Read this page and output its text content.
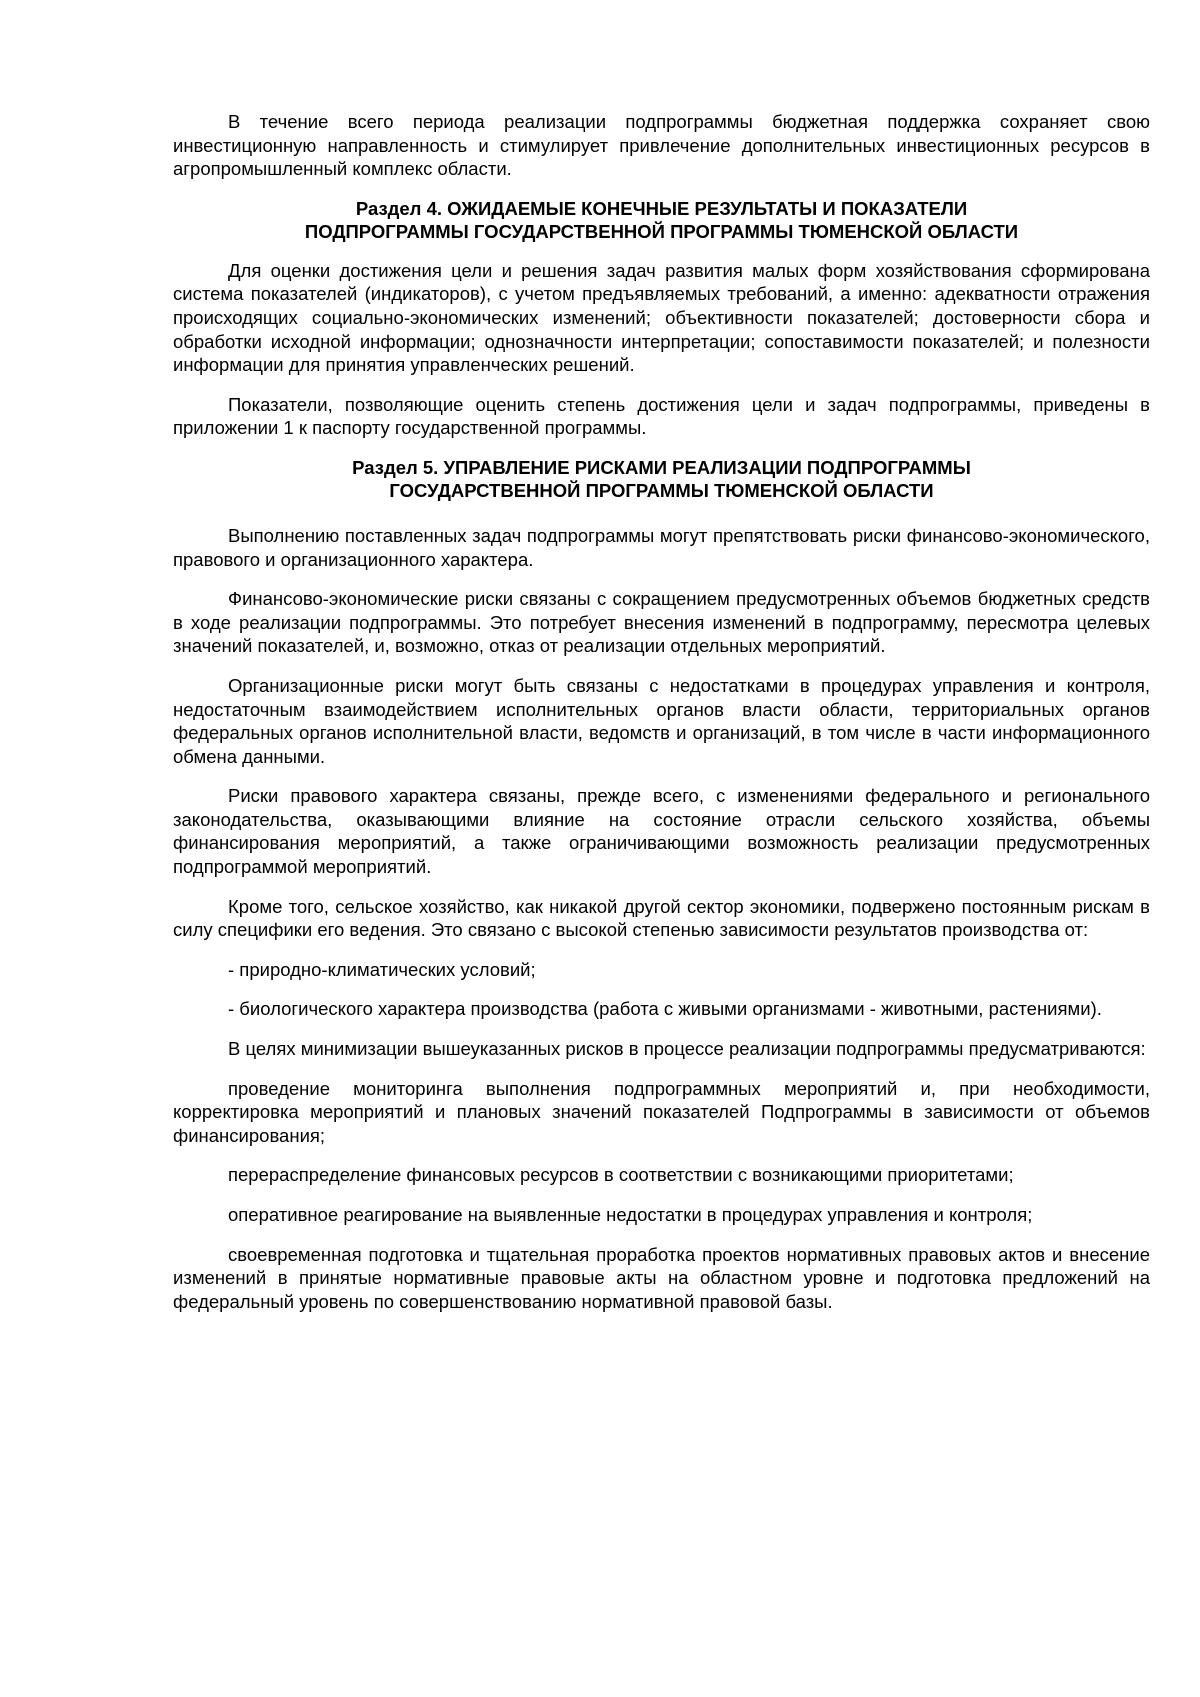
В течение всего периода реализации подпрограммы бюджетная поддержка сохраняет свою инвестиционную направленность и стимулирует привлечение дополнительных инвестиционных ресурсов в агропромышленный комплекс области.

Раздел 4. ОЖИДАЕМЫЕ КОНЕЧНЫЕ РЕЗУЛЬТАТЫ И ПОКАЗАТЕЛИ
ПОДПРОГРАММЫ ГОСУДАРСТВЕННОЙ ПРОГРАММЫ ТЮМЕНСКОЙ ОБЛАСТИ

Для оценки достижения цели и решения задач развития малых форм хозяйствования сформирована система показателей (индикаторов), с учетом предъявляемых требований, а именно: адекватности отражения происходящих социально-экономических изменений; объективности показателей; достоверности сбора и обработки исходной информации; однозначности интерпретации; сопоставимости показателей; и полезности информации для принятия управленческих решений.

Показатели, позволяющие оценить степень достижения цели и задач подпрограммы, приведены в приложении 1 к паспорту государственной программы.

Раздел 5. УПРАВЛЕНИЕ РИСКАМИ РЕАЛИЗАЦИИ ПОДПРОГРАММЫ
ГОСУДАРСТВЕННОЙ ПРОГРАММЫ ТЮМЕНСКОЙ ОБЛАСТИ

Выполнению поставленных задач подпрограммы могут препятствовать риски финансово-экономического, правового и организационного характера.

Финансово-экономические риски связаны с сокращением предусмотренных объемов бюджетных средств в ходе реализации подпрограммы. Это потребует внесения изменений в подпрограмму, пересмотра целевых значений показателей, и, возможно, отказ от реализации отдельных мероприятий.

Организационные риски могут быть связаны с недостатками в процедурах управления и контроля, недостаточным взаимодействием исполнительных органов власти области, территориальных органов федеральных органов исполнительной власти, ведомств и организаций, в том числе в части информационного обмена данными.

Риски правового характера связаны, прежде всего, с изменениями федерального и регионального законодательства, оказывающими влияние на состояние отрасли сельского хозяйства, объемы финансирования мероприятий, а также ограничивающими возможность реализации предусмотренных подпрограммой мероприятий.

Кроме того, сельское хозяйство, как никакой другой сектор экономики, подвержено постоянным рискам в силу специфики его ведения. Это связано с высокой степенью зависимости результатов производства от:

- природно-климатических условий;

- биологического характера производства (работа с живыми организмами - животными, растениями).

В целях минимизации вышеуказанных рисков в процессе реализации подпрограммы предусматриваются:

проведение мониторинга выполнения подпрограммных мероприятий и, при необходимости, корректировка мероприятий и плановых значений показателей Подпрограммы в зависимости от объемов финансирования;

перераспределение финансовых ресурсов в соответствии с возникающими приоритетами;

оперативное реагирование на выявленные недостатки в процедурах управления и контроля;

своевременная подготовка и тщательная проработка проектов нормативных правовых актов и внесение изменений в принятые нормативные правовые акты на областном уровне и подготовка предложений на федеральный уровень по совершенствованию нормативной правовой базы.
